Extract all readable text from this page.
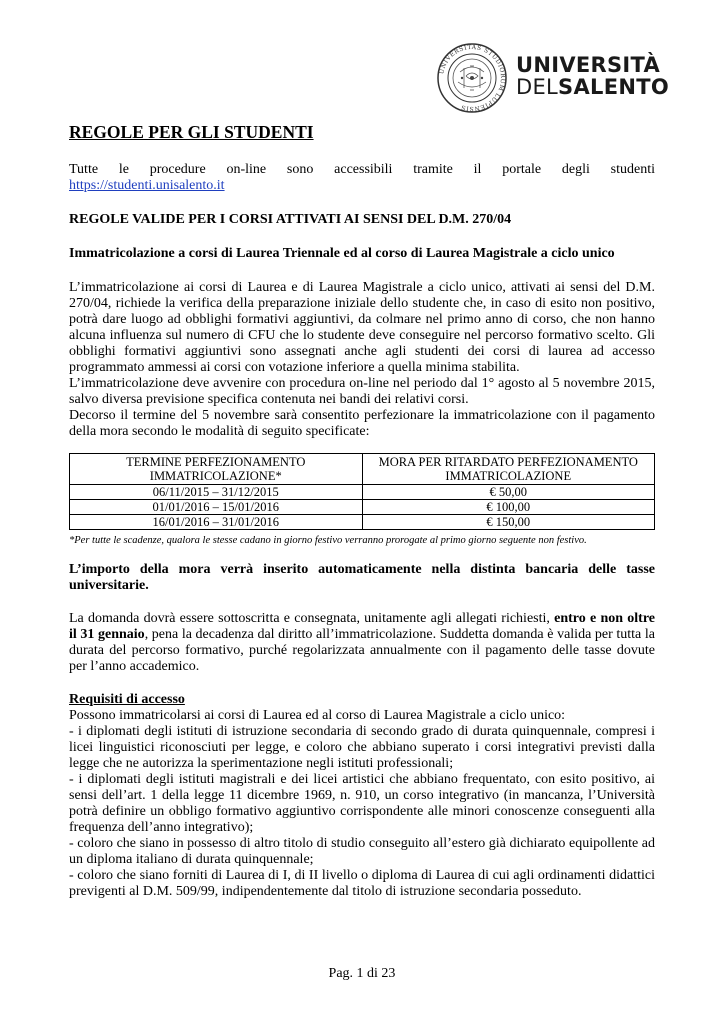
UNIVERSITAS STUDIORUM LUPIENSIS
UNIVERSITÀ
DELSALENTO
REGOLE PER GLI STUDENTI

Tutte le procedure on-line sono accessibili tramite il portale degli studenti

https://studenti.unisalento.it

REGOLE VALIDE PER I CORSI ATTIVATI AI SENSI DEL D.M. 270/04

Immatricolazione a corsi di Laurea Triennale ed al corso di Laurea Magistrale a ciclo unico

L’immatricolazione ai corsi di Laurea e di Laurea Magistrale a ciclo unico, attivati ai sensi del D.M. 270/04, richiede la verifica della preparazione iniziale dello studente che, in caso di esito non positivo, potrà dare luogo ad obblighi formativi aggiuntivi, da colmare nel primo anno di corso, che non hanno alcuna influenza sul numero di CFU che lo studente deve conseguire nel percorso formativo scelto. Gli obblighi formativi aggiuntivi sono assegnati anche agli studenti dei corsi di laurea ad accesso programmato ammessi ai corsi con votazione inferiore a quella minima stabilita.

L’immatricolazione deve avvenire con procedura on-line nel periodo dal 1° agosto al 5 novembre 2015, salvo diversa previsione specifica contenuta nei bandi dei relativi corsi.

Decorso il termine del 5 novembre sarà consentito perfezionare la immatricolazione con il pagamento della mora secondo le modalità di seguito specificate:

TERMINE PERFEZIONAMENTO IMMATRICOLAZIONE*	MORA PER RITARDATO PERFEZIONAMENTO IMMATRICOLAZIONE
06/11/2015 – 31/12/2015	€ 50,00
01/01/2016 – 15/01/2016	€ 100,00
16/01/2016 – 31/01/2016	€ 150,00

*Per tutte le scadenze, qualora le stesse cadano in giorno festivo verranno prorogate al primo giorno seguente non festivo.

L’importo della mora verrà inserito automaticamente nella distinta bancaria delle tasse universitarie.

La domanda dovrà essere sottoscritta e consegnata, unitamente agli allegati richiesti, entro e non oltre il 31 gennaio, pena la decadenza dal diritto all’immatricolazione. Suddetta domanda è valida per tutta la durata del percorso formativo, purché regolarizzata annualmente con il pagamento delle tasse dovute per l’anno accademico.

Requisiti di accesso

Possono immatricolarsi ai corsi di Laurea ed al corso di Laurea Magistrale a ciclo unico:

- i diplomati degli istituti di istruzione secondaria di secondo grado di durata quinquennale, compresi i licei linguistici riconosciuti per legge, e coloro che abbiano superato i corsi integrativi previsti dalla legge che ne autorizza la sperimentazione negli istituti professionali;

- i diplomati degli istituti magistrali e dei licei artistici che abbiano frequentato, con esito positivo, ai sensi dell’art. 1 della legge 11 dicembre 1969, n. 910, un corso integrativo (in mancanza, l’Università potrà definire un obbligo formativo aggiuntivo corrispondente alle minori conoscenze conseguenti alla frequenza dell’anno integrativo);

- coloro che siano in possesso di altro titolo di studio conseguito all’estero già dichiarato equipollente ad un diploma italiano di durata quinquennale;

- coloro che siano forniti di Laurea di I, di II livello o diploma di Laurea di cui agli ordinamenti didattici previgenti al D.M. 509/99, indipendentemente dal titolo di istruzione secondaria posseduto.

Pag. 1 di 23
